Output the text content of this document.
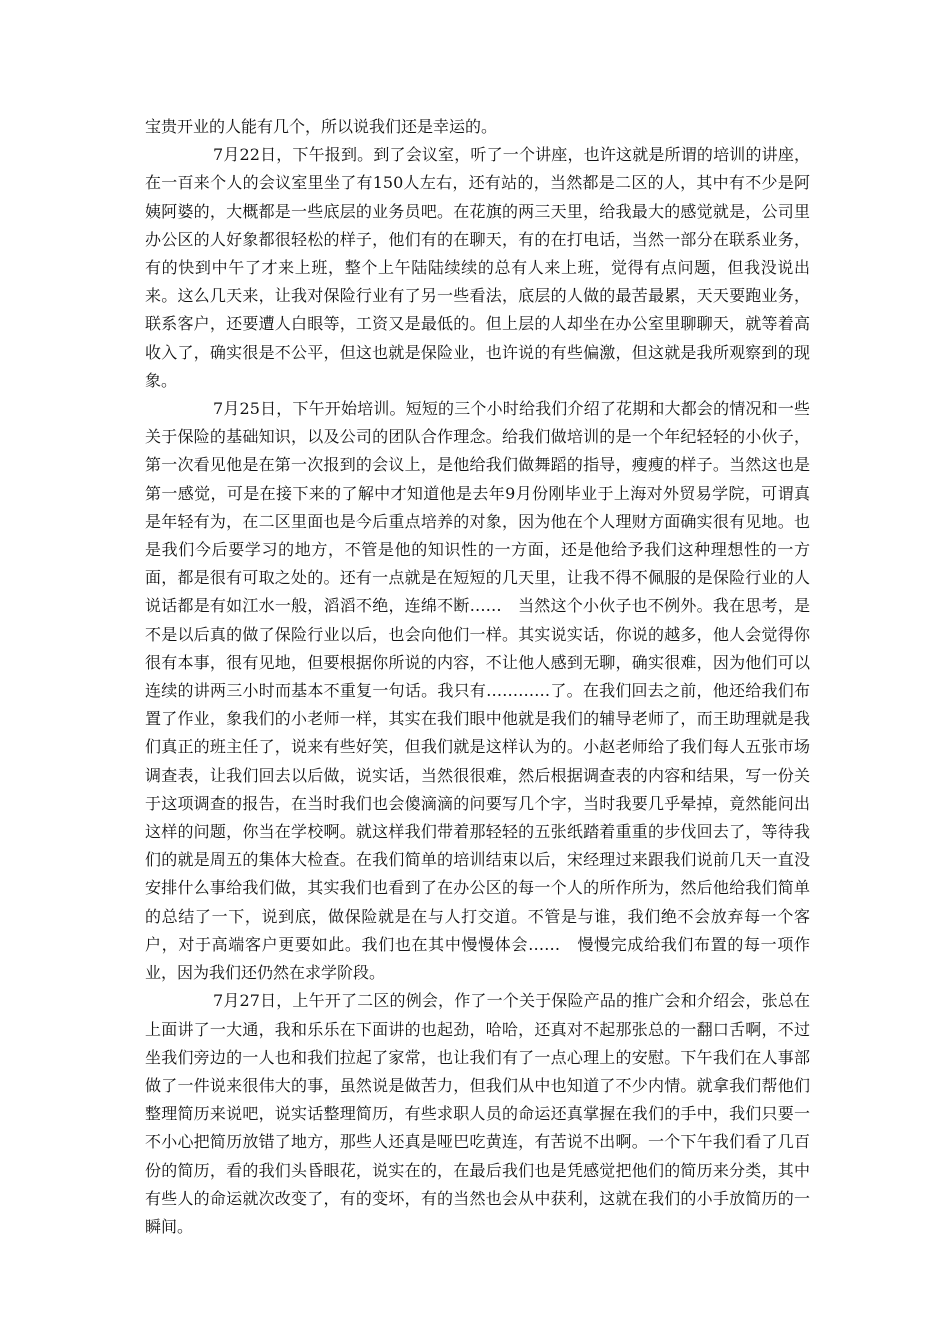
宝贵开业的人能有几个，所以说我们还是幸运的。

7月22日，下午报到。到了会议室，听了一个讲座，也许这就是所谓的培训的讲座，在一百来个人的会议室里坐了有150人左右，还有站的，当然都是二区的人，其中有不少是阿姨阿婆的，大概都是一些底层的业务员吧。在花旗的两三天里，给我最大的感觉就是，公司里办公区的人好象都很轻松的样子，他们有的在聊天，有的在打电话，当然一部分在联系业务，有的快到中午了才来上班，整个上午陆陆续续的总有人来上班，觉得有点问题，但我没说出来。这么几天来，让我对保险行业有了另一些看法，底层的人做的最苦最累，天天要跑业务，联系客户，还要遭人白眼等，工资又是最低的。但上层的人却坐在办公室里聊聊天，就等着高收入了，确实很是不公平，但这也就是保险业，也许说的有些偏激，但这就是我所观察到的现象。

7月25日，下午开始培训。短短的三个小时给我们介绍了花期和大都会的情况和一些关于保险的基础知识，以及公司的团队合作理念。给我们做培训的是一个年纪轻轻的小伙子，第一次看见他是在第一次报到的会议上，是他给我们做舞蹈的指导，瘦瘦的样子。当然这也是第一感觉，可是在接下来的了解中才知道他是去年9月份刚毕业于上海对外贸易学院，可谓真是年轻有为，在二区里面也是今后重点培养的对象，因为他在个人理财方面确实很有见地。也是我们今后要学习的地方，不管是他的知识性的一方面，还是他给予我们这种理想性的一方面，都是很有可取之处的。还有一点就是在短短的几天里，让我不得不佩服的是保险行业的人说话都是有如江水一般，滔滔不绝，连绵不断……　当然这个小伙子也不例外。我在思考，是不是以后真的做了保险行业以后，也会向他们一样。其实说实话，你说的越多，他人会觉得你很有本事，很有见地，但要根据你所说的内容，不让他人感到无聊，确实很难，因为他们可以连续的讲两三小时而基本不重复一句话。我只有…………了。在我们回去之前，他还给我们布置了作业，象我们的小老师一样，其实在我们眼中他就是我们的辅导老师了，而王助理就是我们真正的班主任了，说来有些好笑，但我们就是这样认为的。小赵老师给了我们每人五张市场调查表，让我们回去以后做，说实话，当然很很难，然后根据调查表的内容和结果，写一份关于这项调查的报告，在当时我们也会傻滴滴的问要写几个字，当时我要几乎晕掉，竟然能问出这样的问题，你当在学校啊。就这样我们带着那轻轻的五张纸踏着重重的步伐回去了，等待我们的就是周五的集体大检查。在我们简单的培训结束以后，宋经理过来跟我们说前几天一直没安排什么事给我们做，其实我们也看到了在办公区的每一个人的所作所为，然后他给我们简单的总结了一下，说到底，做保险就是在与人打交道。不管是与谁，我们绝不会放弃每一个客户，对于高端客户更要如此。我们也在其中慢慢体会……　慢慢完成给我们布置的每一项作业，因为我们还仍然在求学阶段。

7月27日，上午开了二区的例会，作了一个关于保险产品的推广会和介绍会，张总在上面讲了一大通，我和乐乐在下面讲的也起劲，哈哈，还真对不起那张总的一翻口舌啊，不过坐我们旁边的一人也和我们拉起了家常，也让我们有了一点心理上的安慰。下午我们在人事部做了一件说来很伟大的事，虽然说是做苦力，但我们从中也知道了不少内情。就拿我们帮他们整理简历来说吧，说实话整理简历，有些求职人员的命运还真掌握在我们的手中，我们只要一不小心把简历放错了地方，那些人还真是哑巴吃黄连，有苦说不出啊。一个下午我们看了几百份的简历，看的我们头昏眼花，说实在的，在最后我们也是凭感觉把他们的简历来分类，其中有些人的命运就次改变了，有的变坏，有的当然也会从中获利，这就在我们的小手放简历的一瞬间。
